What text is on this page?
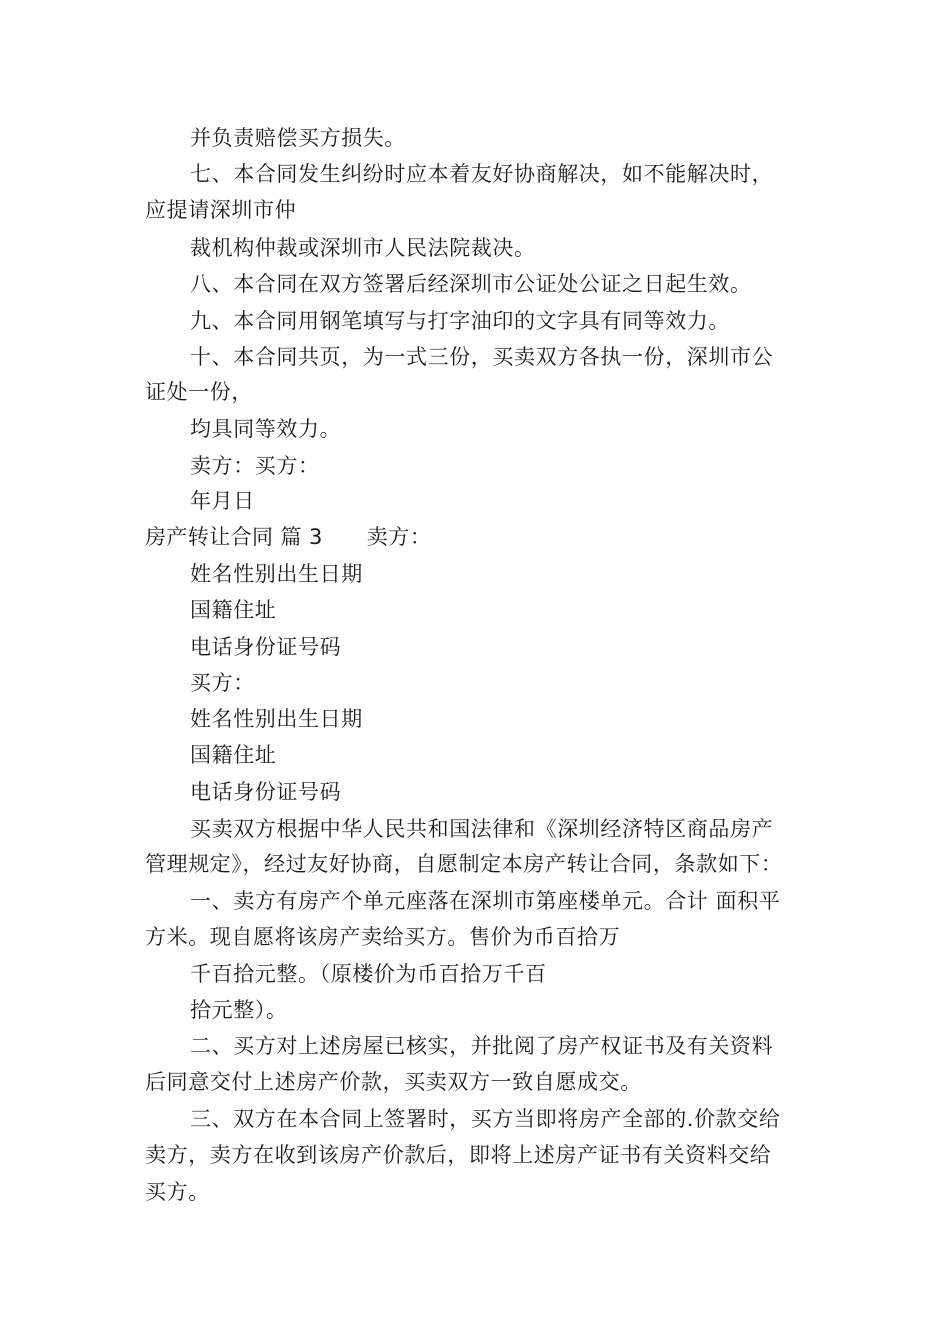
并负责赔偿买方损失。
七、本合同发生纠纷时应本着友好协商解决，如不能解决时，
应提请深圳市仲
裁机构仲裁或深圳市人民法院裁决。
八、本合同在双方签署后经深圳市公证处公证之日起生效。
九、本合同用钢笔填写与打字油印的文字具有同等效力。
十、本合同共页，为一式三份，买卖双方各执一份，深圳市公
证处一份，
均具同等效力。
卖方：买方：
年月日
房产转让合同 篇 3 卖方：
姓名性别出生日期
国籍住址
电话身份证号码
买方：
姓名性别出生日期
国籍住址
电话身份证号码
买卖双方根据中华人民共和国法律和《深圳经济特区商品房产
管理规定》，经过友好协商，自愿制定本房产转让合同，条款如下：
一、卖方有房产个单元座落在深圳市第座楼单元。合计 面积平
方米。现自愿将该房产卖给买方。售价为币百拾万
千百拾元整。（原楼价为币百拾万千百
拾元整）。
二、买方对上述房屋已核实，并批阅了房产权证书及有关资料
后同意交付上述房产价款，买卖双方一致自愿成交。
三、双方在本合同上签署时，买方当即将房产全部的.价款交给
卖方，卖方在收到该房产价款后，即将上述房产证书有关资料交给
买方。
